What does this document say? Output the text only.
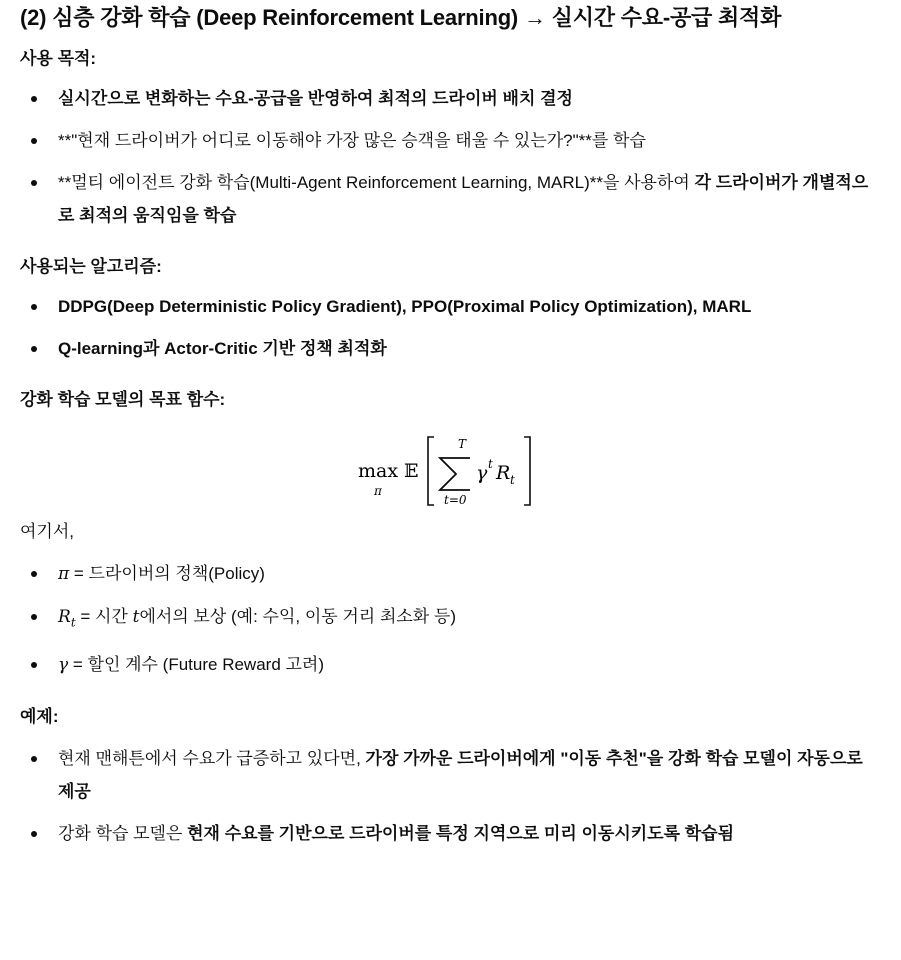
(2) 심층 강화 학습 (Deep Reinforcement Learning) → 실시간 수요-공급 최적화
사용 목적:
실시간으로 변화하는 수요-공급을 반영하여 최적의 드라이버 배치 결정
**"현재 드라이버가 어디로 이동해야 가장 많은 승객을 태울 수 있는가?"**를 학습
**멀티 에이전트 강화 학습(Multi-Agent Reinforcement Learning, MARL)**을 사용하여 각 드라이버가 개별적으로 최적의 움직임을 학습
사용되는 알고리즘:
DDPG(Deep Deterministic Policy Gradient), PPO(Proximal Policy Optimization), MARL
Q-learning과 Actor-Critic 기반 정책 최적화
강화 학습 모델의 목표 함수:
max
π
𝔼
T
t=0
γ t R t
여기서,
π = 드라이버의 정책(Policy)
$R_t$ = 시간 t에서의 보상 (예: 수익, 이동 거리 최소화 등)
γ = 할인 계수 (Future Reward 고려)
예제:
현재 맨해튼에서 수요가 급증하고 있다면, 가장 가까운 드라이버에게 "이동 추천"을 강화 학습 모델이 자동으로 제공
강화 학습 모델은 현재 수요를 기반으로 드라이버를 특정 지역으로 미리 이동시키도록 학습됨
